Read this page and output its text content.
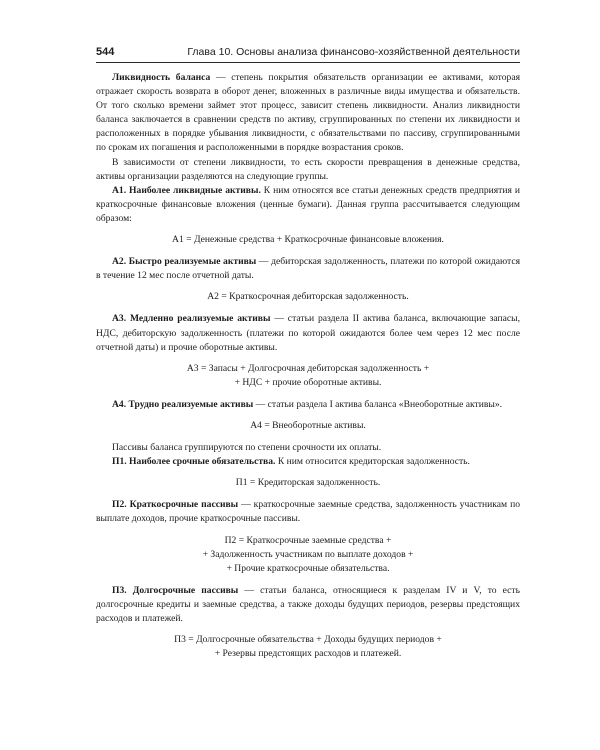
544	Глава 10. Основы анализа финансово-хозяйственной деятельности

Ликвидность баланса — степень покрытия обязательств организации ее активами, которая отражает скорость возврата в оборот денег, вложенных в различные виды имущества и обязательств. От того сколько времени займет этот процесс, зависит степень ликвидности. Анализ ликвидности баланса заключается в сравнении средств по активу, сгруппированных по степени их ликвидности и расположенных в порядке убывания ликвидности, с обязательствами по пассиву, сгруппированными по срокам их погашения и расположенными в порядке возрастания сроков.

В зависимости от степени ликвидности, то есть скорости превращения в денежные средства, активы организации разделяются на следующие группы.

А1. Наиболее ликвидные активы. К ним относятся все статьи денежных средств предприятия и краткосрочные финансовые вложения (ценные бумаги). Данная группа рассчитывается следующим образом:

А1 = Денежные средства + Краткосрочные финансовые вложения.

А2. Быстро реализуемые активы — дебиторская задолженность, платежи по которой ожидаются в течение 12 мес после отчетной даты.

А2 = Краткосрочная дебиторская задолженность.

А3. Медленно реализуемые активы — статьи раздела II актива баланса, включающие запасы, НДС, дебиторскую задолженность (платежи по которой ожидаются более чем через 12 мес после отчетной даты) и прочие оборотные активы.

А3 = Запасы + Долгосрочная дебиторская задолженность +
+ НДС + прочие оборотные активы.

А4. Трудно реализуемые активы — статьи раздела I актива баланса «Внеоборотные активы».

А4 = Внеоборотные активы.

Пассивы баланса группируются по степени срочности их оплаты.

П1. Наиболее срочные обязательства. К ним относится кредиторская задолженность.

П1 = Кредиторская задолженность.

П2. Краткосрочные пассивы — краткосрочные заемные средства, задолженность участникам по выплате доходов, прочие краткосрочные пассивы.

П2 = Краткосрочные заемные средства +
+ Задолженность участникам по выплате доходов +
+ Прочие краткосрочные обязательства.

П3. Долгосрочные пассивы — статьи баланса, относящиеся к разделам IV и V, то есть долгосрочные кредиты и заемные средства, а также доходы будущих периодов, резервы предстоящих расходов и платежей.

П3 = Долгосрочные обязательства + Доходы будущих периодов +
+ Резервы предстоящих расходов и платежей.
